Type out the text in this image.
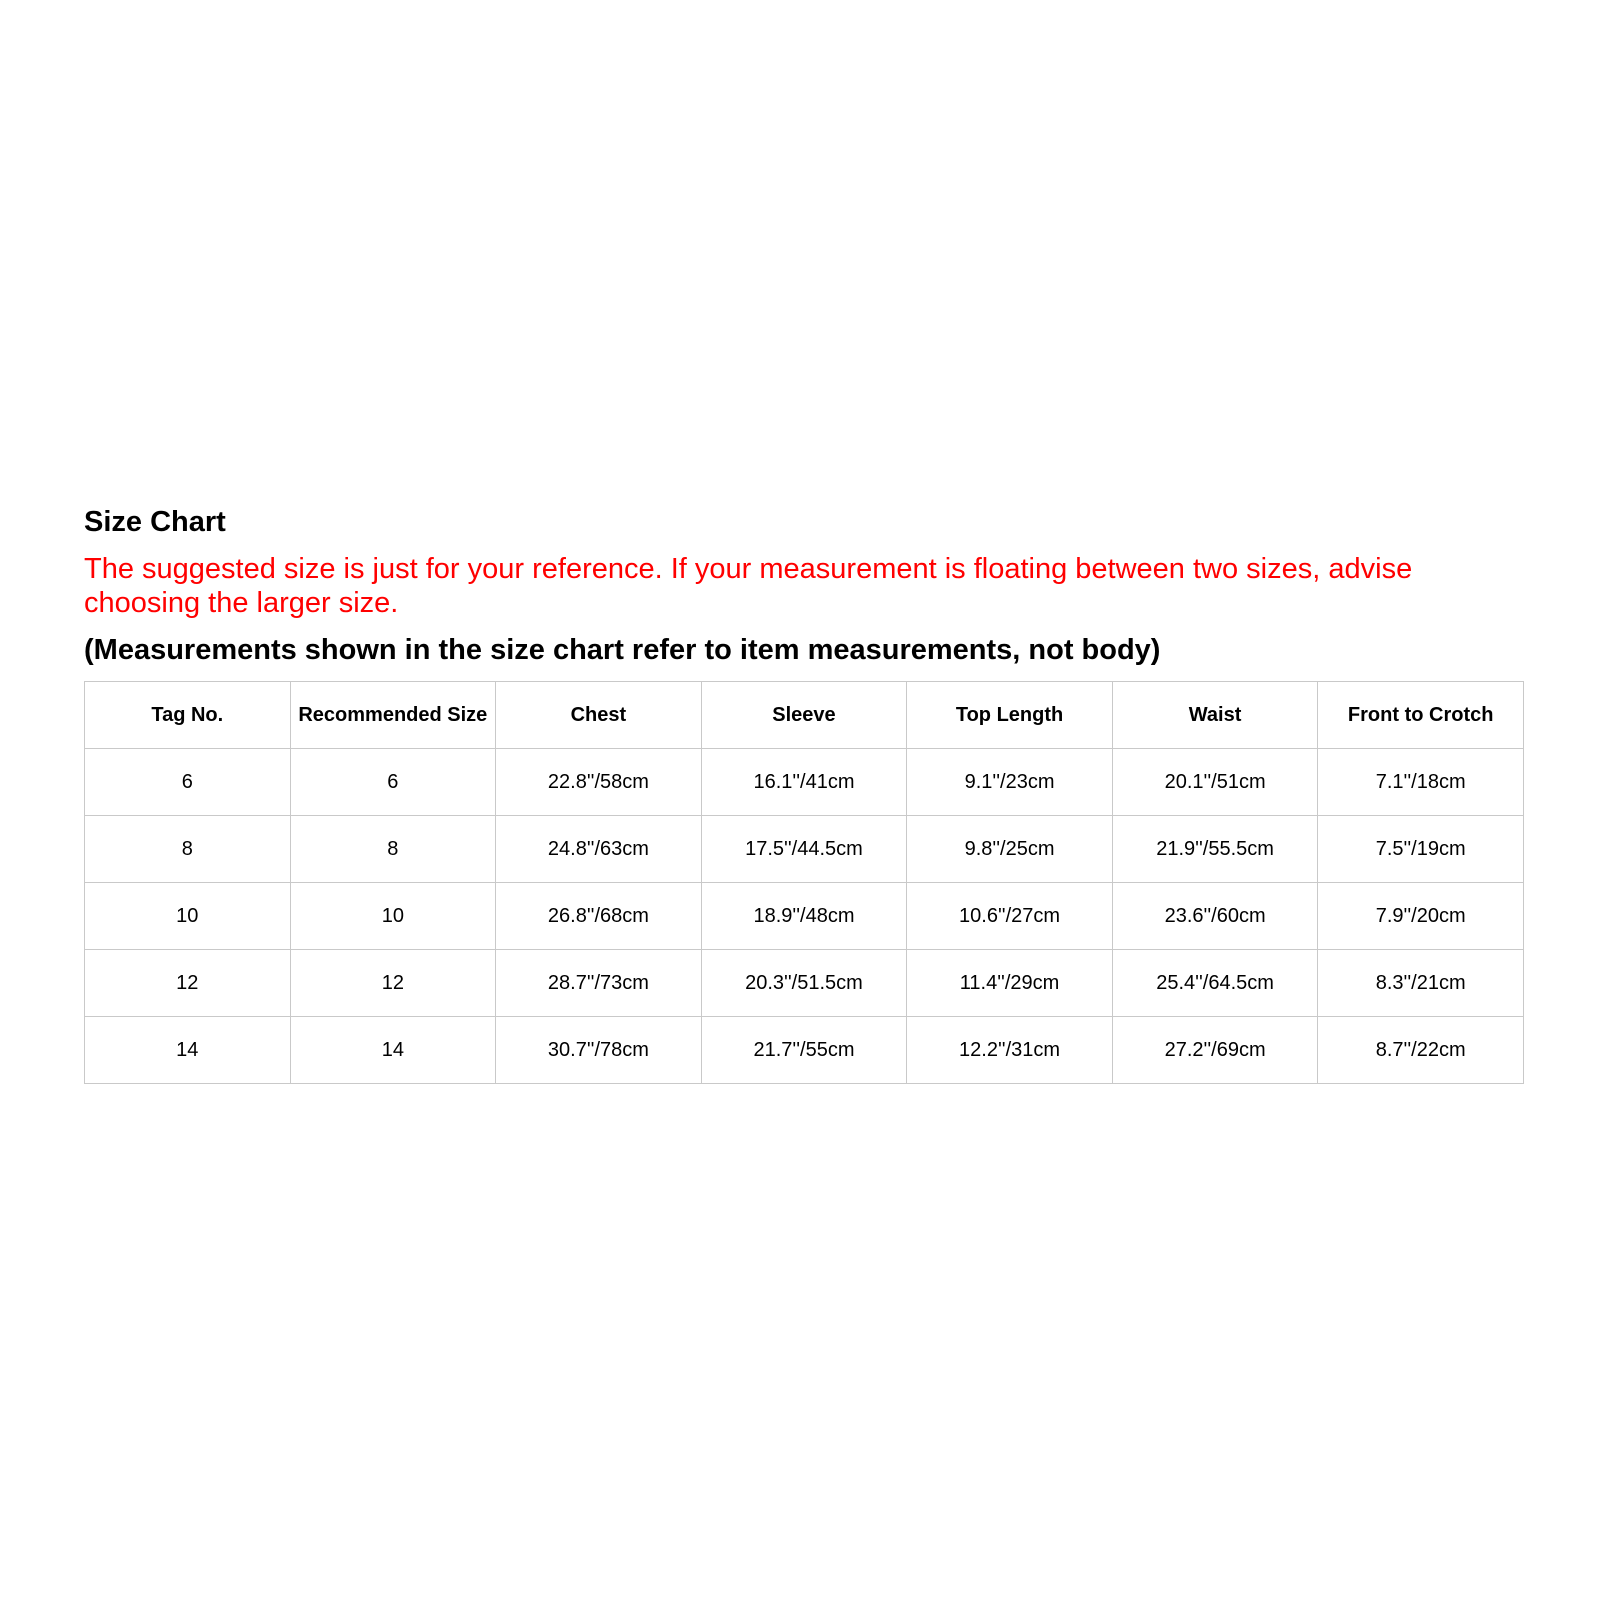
Size Chart
The suggested size is just for your reference. If your measurement is floating between two sizes, advise choosing the larger size.
(Measurements shown in the size chart refer to item measurements, not body)
Tag No.	Recommended Size	Chest	Sleeve	Top Length	Waist	Front to Crotch
6	6	22.8''/58cm	16.1''/41cm	9.1''/23cm	20.1''/51cm	7.1''/18cm
8	8	24.8''/63cm	17.5''/44.5cm	9.8''/25cm	21.9''/55.5cm	7.5''/19cm
10	10	26.8''/68cm	18.9''/48cm	10.6''/27cm	23.6''/60cm	7.9''/20cm
12	12	28.7''/73cm	20.3''/51.5cm	11.4''/29cm	25.4''/64.5cm	8.3''/21cm
14	14	30.7''/78cm	21.7''/55cm	12.2''/31cm	27.2''/69cm	8.7''/22cm
